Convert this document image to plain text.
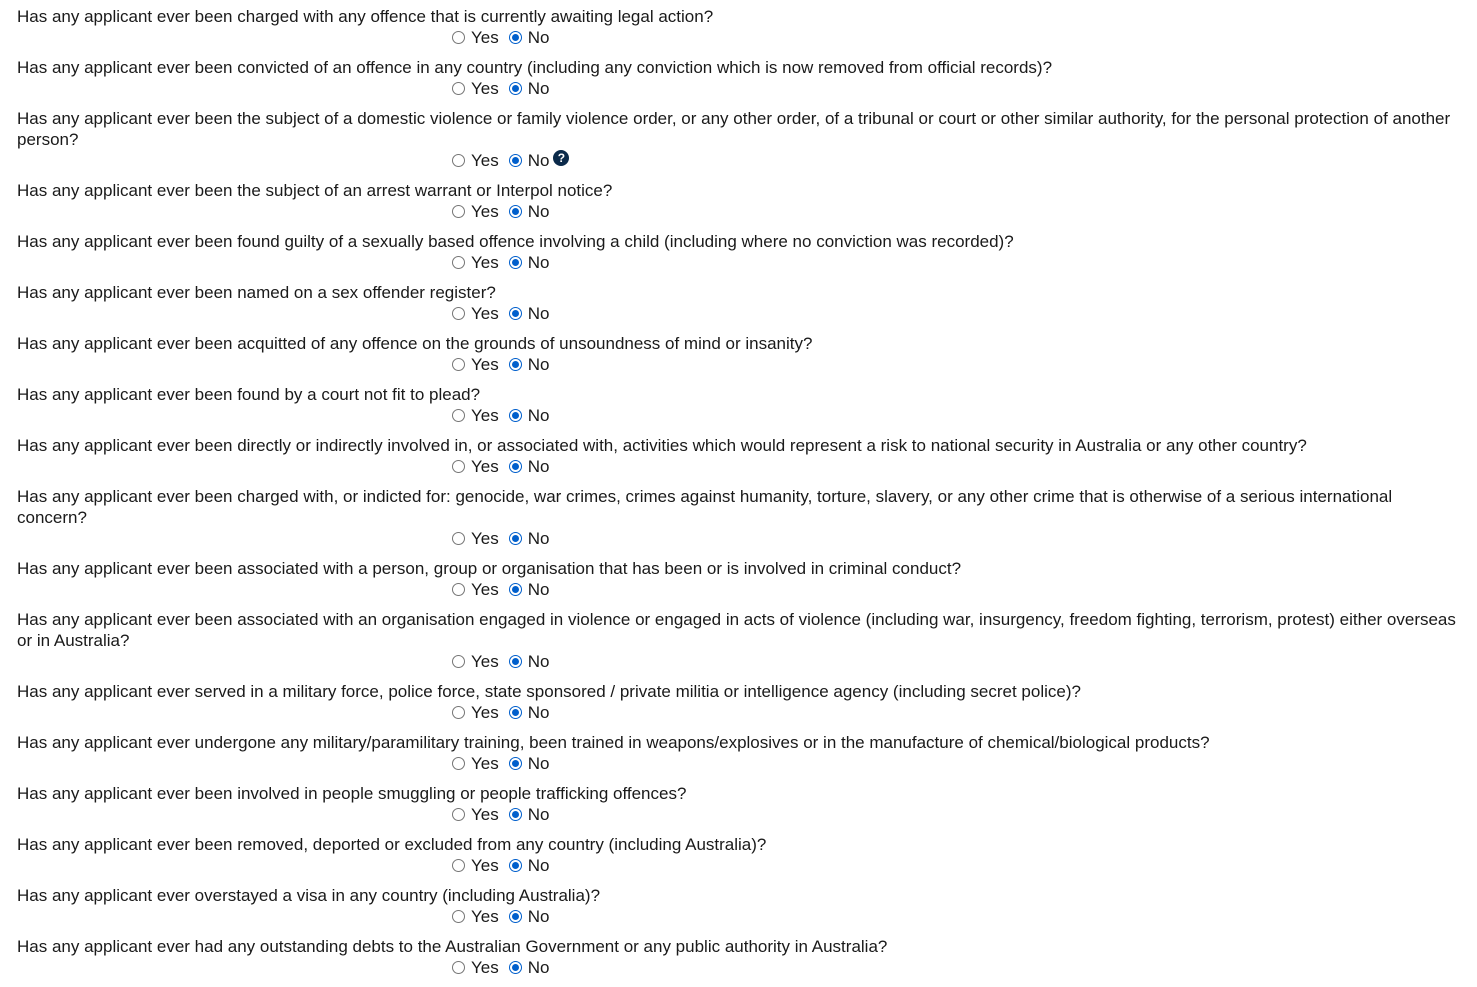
Has any applicant ever been charged with any offence that is currently awaiting legal action?
Yes No
Has any applicant ever been convicted of an offence in any country (including any conviction which is now removed from official records)?
Yes No
Has any applicant ever been the subject of a domestic violence or family violence order, or any other order, of a tribunal or court or other similar authority, for the personal protection of another person?
Yes No ?
Has any applicant ever been the subject of an arrest warrant or Interpol notice?
Yes No
Has any applicant ever been found guilty of a sexually based offence involving a child (including where no conviction was recorded)?
Yes No
Has any applicant ever been named on a sex offender register?
Yes No
Has any applicant ever been acquitted of any offence on the grounds of unsoundness of mind or insanity?
Yes No
Has any applicant ever been found by a court not fit to plead?
Yes No
Has any applicant ever been directly or indirectly involved in, or associated with, activities which would represent a risk to national security in Australia or any other country?
Yes No
Has any applicant ever been charged with, or indicted for: genocide, war crimes, crimes against humanity, torture, slavery, or any other crime that is otherwise of a serious international concern?
Yes No
Has any applicant ever been associated with a person, group or organisation that has been or is involved in criminal conduct?
Yes No
Has any applicant ever been associated with an organisation engaged in violence or engaged in acts of violence (including war, insurgency, freedom fighting, terrorism, protest) either overseas or in Australia?
Yes No
Has any applicant ever served in a military force, police force, state sponsored / private militia or intelligence agency (including secret police)?
Yes No
Has any applicant ever undergone any military/paramilitary training, been trained in weapons/explosives or in the manufacture of chemical/biological products?
Yes No
Has any applicant ever been involved in people smuggling or people trafficking offences?
Yes No
Has any applicant ever been removed, deported or excluded from any country (including Australia)?
Yes No
Has any applicant ever overstayed a visa in any country (including Australia)?
Yes No
Has any applicant ever had any outstanding debts to the Australian Government or any public authority in Australia?
Yes No
